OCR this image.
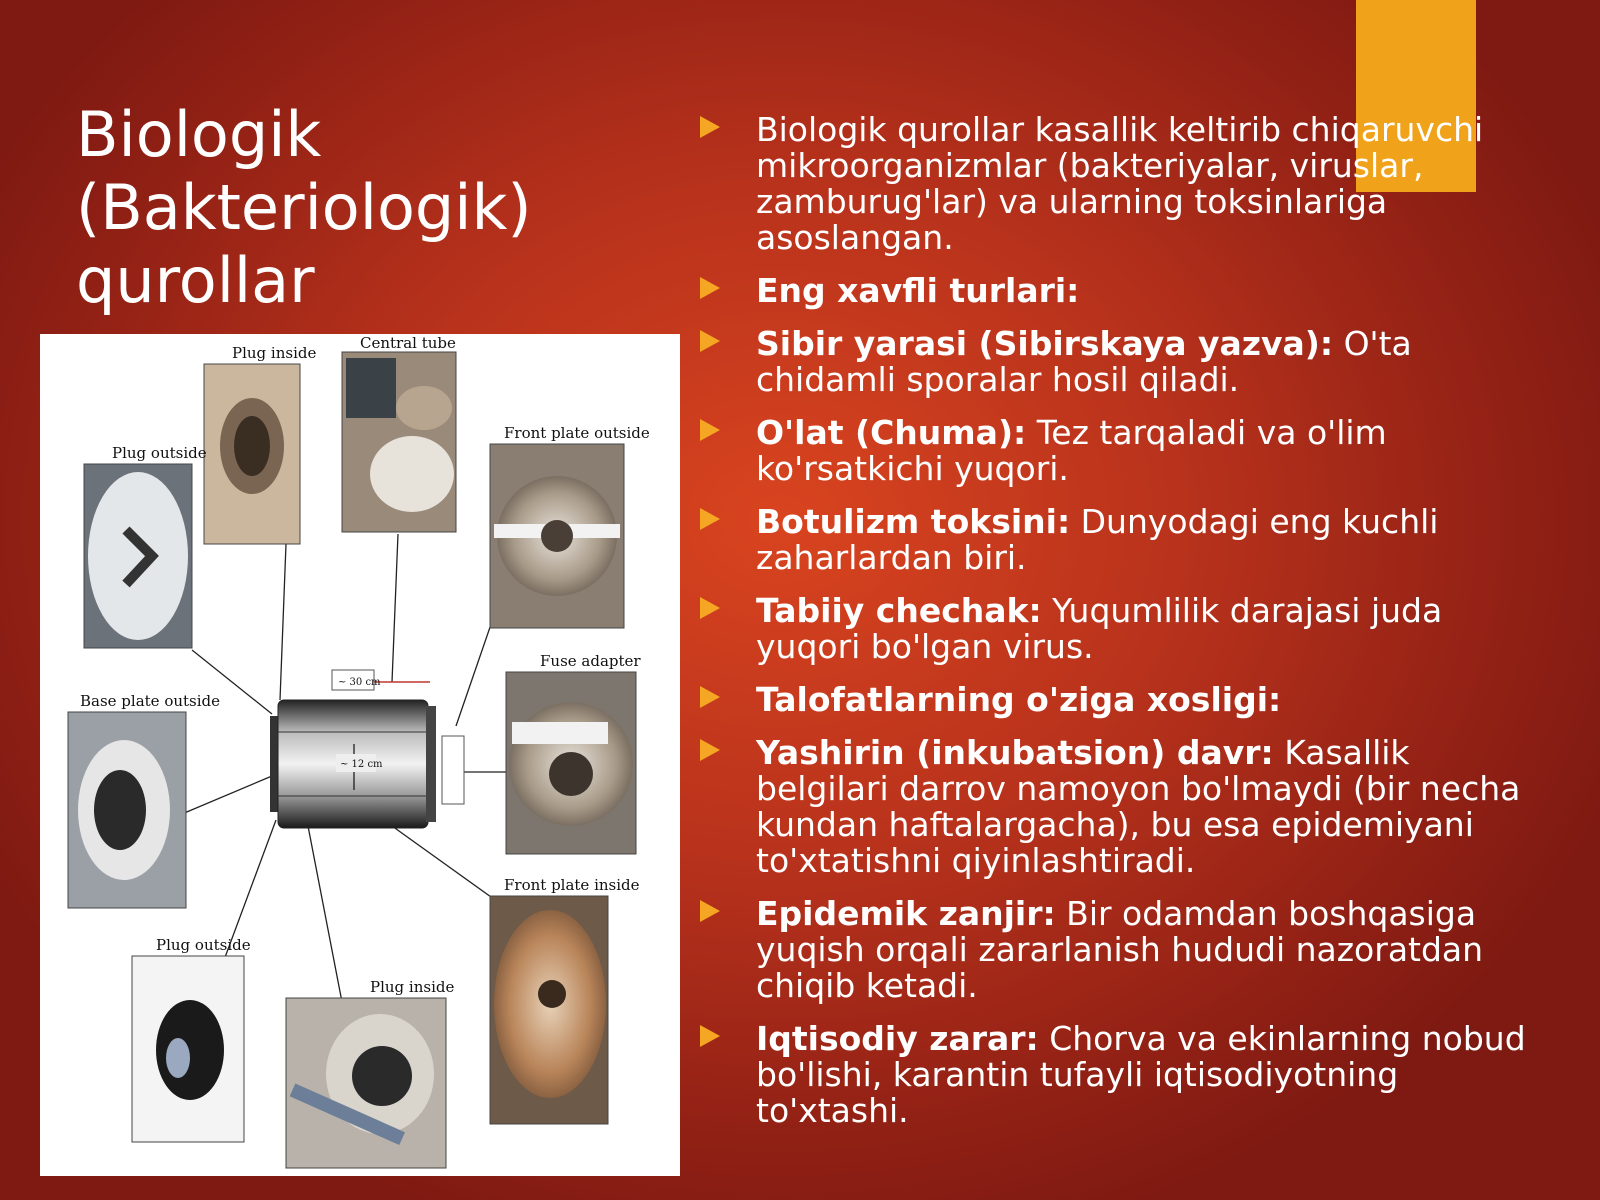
Biologik
(Bakteriologik)
qurollar
Biologik qurollar kasallik keltirib chiqaruvchi mikroorganizmlar (bakteriyalar, viruslar, zamburug'lar) va ularning toksinlariga asoslangan.
Eng xavfli turlari:
Sibir yarasi (Sibirskaya yazva): O'ta chidamli sporalar hosil qiladi.
O'lat (Chuma): Tez tarqaladi va o'lim ko'rsatkichi yuqori.
Botulizm toksini: Dunyodagi eng kuchli zaharlardan biri.
Tabiiy chechak: Yuqumlilik darajasi juda yuqori bo'lgan virus.
Talofatlarning o'ziga xosligi:
Yashirin (inkubatsion) davr: Kasallik belgilari darrov namoyon bo'lmaydi (bir necha kundan haftalargacha), bu esa epidemiyani to'xtatishni qiyinlashtiradi.
Epidemik zanjir: Bir odamdan boshqasiga yuqish orqali zararlanish hududi nazoratdan chiqib ketadi.
Iqtisodiy zarar: Chorva va ekinlarning nobud bo'lishi, karantin tufayli iqtisodiyotning to'xtashi.
Plug inside
Central tube
Plug outside
Front plate outside
Fuse adapter
Base plate outside
Front plate inside
Plug outside
Plug inside
~ 30 cm
~ 12 cm
